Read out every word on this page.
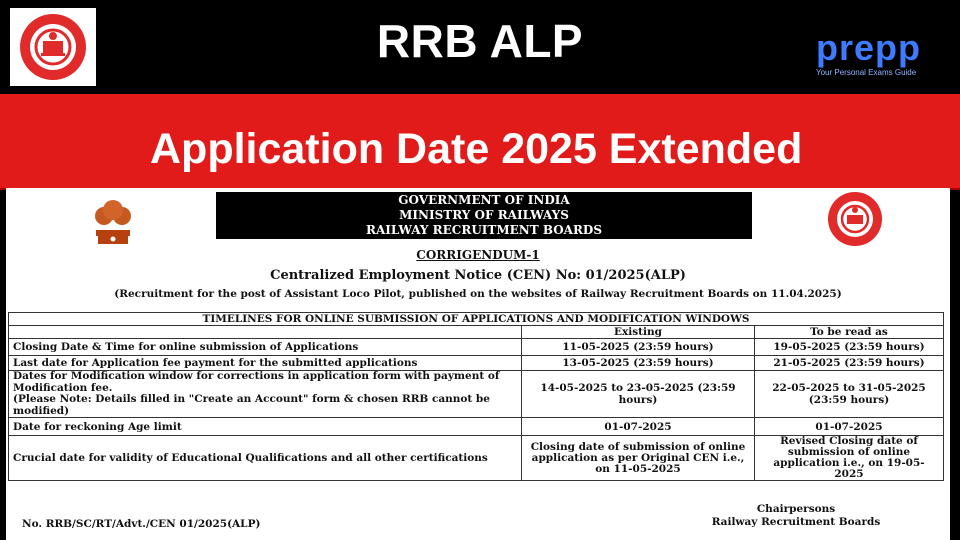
RRB ALP	prepp
Your Personal Exams Guide
Application Date 2025 Extended
GOVERNMENT OF INDIA
MINISTRY OF RAILWAYS
RAILWAY RECRUITMENT BOARDS
CORRIGENDUM-1
Centralized Employment Notice (CEN) No: 01/2025(ALP)
(Recruitment for the post of Assistant Loco Pilot, published on the websites of Railway Recruitment Boards on 11.04.2025)
TIMELINES FOR ONLINE SUBMISSION OF APPLICATIONS AND MODIFICATION WINDOWS		
	Existing	To be read as
Closing Date & Time for online submission of Applications	11-05-2025 (23:59 hours)	19-05-2025 (23:59 hours)
Last date for Application fee payment for the submitted applications	13-05-2025 (23:59 hours)	21-05-2025 (23:59 hours)

Dates for Modification window for corrections in application form with payment of Modification fee.
(Please Note: Details filled in "Create an Account" form & chosen RRB cannot be modified)	14-05-2025 to 23-05-2025 (23:59 hours)	22-05-2025 to 31-05-2025 (23:59 hours)
Date for reckoning Age limit	01-07-2025	01-07-2025
Crucial date for validity of Educational Qualifications and all other certifications	Closing date of submission of online application as per Original CEN i.e., on 11-05-2025	Revised Closing date of submission of online application i.e., on 19-05-2025
Chairpersons
Railway Recruitment Boards
No. RRB/SC/RT/Advt./CEN 01/2025(ALP)
